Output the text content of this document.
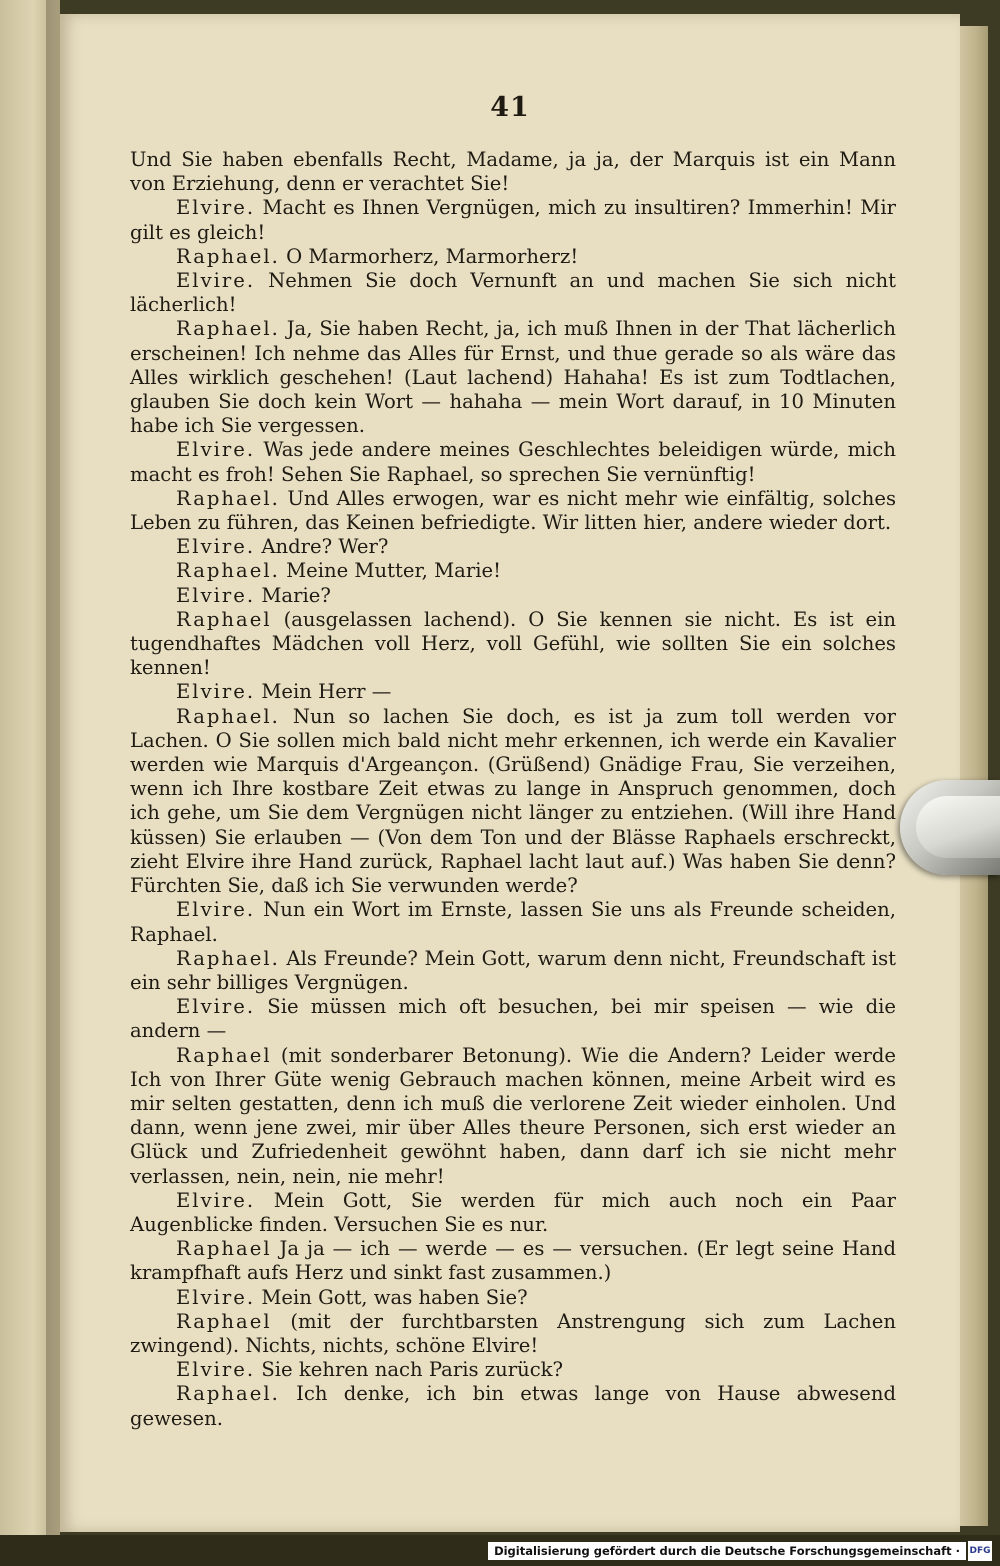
41

Und Sie haben ebenfalls Recht, Madame, ja ja, der Marquis ist ein Mann von Erziehung, denn er verachtet Sie!

Elvire. Macht es Ihnen Vergnügen, mich zu insultiren? Immerhin! Mir gilt es gleich!

Raphael. O Marmorherz, Marmorherz!

Elvire. Nehmen Sie doch Vernunft an und machen Sie sich nicht lächerlich!

Raphael. Ja, Sie haben Recht, ja, ich muß Ihnen in der That lächerlich erscheinen! Ich nehme das Alles für Ernst, und thue gerade so als wäre das Alles wirklich geschehen! (Laut lachend) Hahaha! Es ist zum Todtlachen, glauben Sie doch kein Wort — hahaha — mein Wort darauf, in 10 Minuten habe ich Sie vergessen.

Elvire. Was jede andere meines Geschlechtes beleidigen würde, mich macht es froh! Sehen Sie Raphael, so sprechen Sie vernünftig!

Raphael. Und Alles erwogen, war es nicht mehr wie einfältig, solches Leben zu führen, das Keinen befriedigte. Wir litten hier, andere wieder dort.

Elvire. Andre? Wer?

Raphael. Meine Mutter, Marie!

Elvire. Marie?

Raphael (ausgelassen lachend). O Sie kennen sie nicht. Es ist ein tugendhaftes Mädchen voll Herz, voll Gefühl, wie sollten Sie ein solches kennen!

Elvire. Mein Herr —

Raphael. Nun so lachen Sie doch, es ist ja zum toll werden vor Lachen. O Sie sollen mich bald nicht mehr erkennen, ich werde ein Kavalier werden wie Marquis d'Argeançon. (Grüßend) Gnädige Frau, Sie verzeihen, wenn ich Ihre kostbare Zeit etwas zu lange in Anspruch genommen, doch ich gehe, um Sie dem Vergnügen nicht länger zu entziehen. (Will ihre Hand küssen) Sie erlauben — (Von dem Ton und der Blässe Raphaels erschreckt, zieht Elvire ihre Hand zurück, Raphael lacht laut auf.) Was haben Sie denn? Fürchten Sie, daß ich Sie verwunden werde?

Elvire. Nun ein Wort im Ernste, lassen Sie uns als Freunde scheiden, Raphael.

Raphael. Als Freunde? Mein Gott, warum denn nicht, Freundschaft ist ein sehr billiges Vergnügen.

Elvire. Sie müssen mich oft besuchen, bei mir speisen — wie die andern —

Raphael (mit sonderbarer Betonung). Wie die Andern? Leider werde Ich von Ihrer Güte wenig Gebrauch machen können, meine Arbeit wird es mir selten gestatten, denn ich muß die verlorene Zeit wieder einholen. Und dann, wenn jene zwei, mir über Alles theure Personen, sich erst wieder an Glück und Zufriedenheit gewöhnt haben, dann darf ich sie nicht mehr verlassen, nein, nein, nie mehr!

Elvire. Mein Gott, Sie werden für mich auch noch ein Paar Augenblicke finden. Versuchen Sie es nur.

Raphael Ja ja — ich — werde — es — versuchen. (Er legt seine Hand krampfhaft aufs Herz und sinkt fast zusammen.)

Elvire. Mein Gott, was haben Sie?

Raphael (mit der furchtbarsten Anstrengung sich zum Lachen zwingend). Nichts, nichts, schöne Elvire!

Elvire. Sie kehren nach Paris zurück?

Raphael. Ich denke, ich bin etwas lange von Hause abwesend gewesen.

Digitalisierung gefördert durch die Deutsche Forschungsgemeinschaft ·	DFG
